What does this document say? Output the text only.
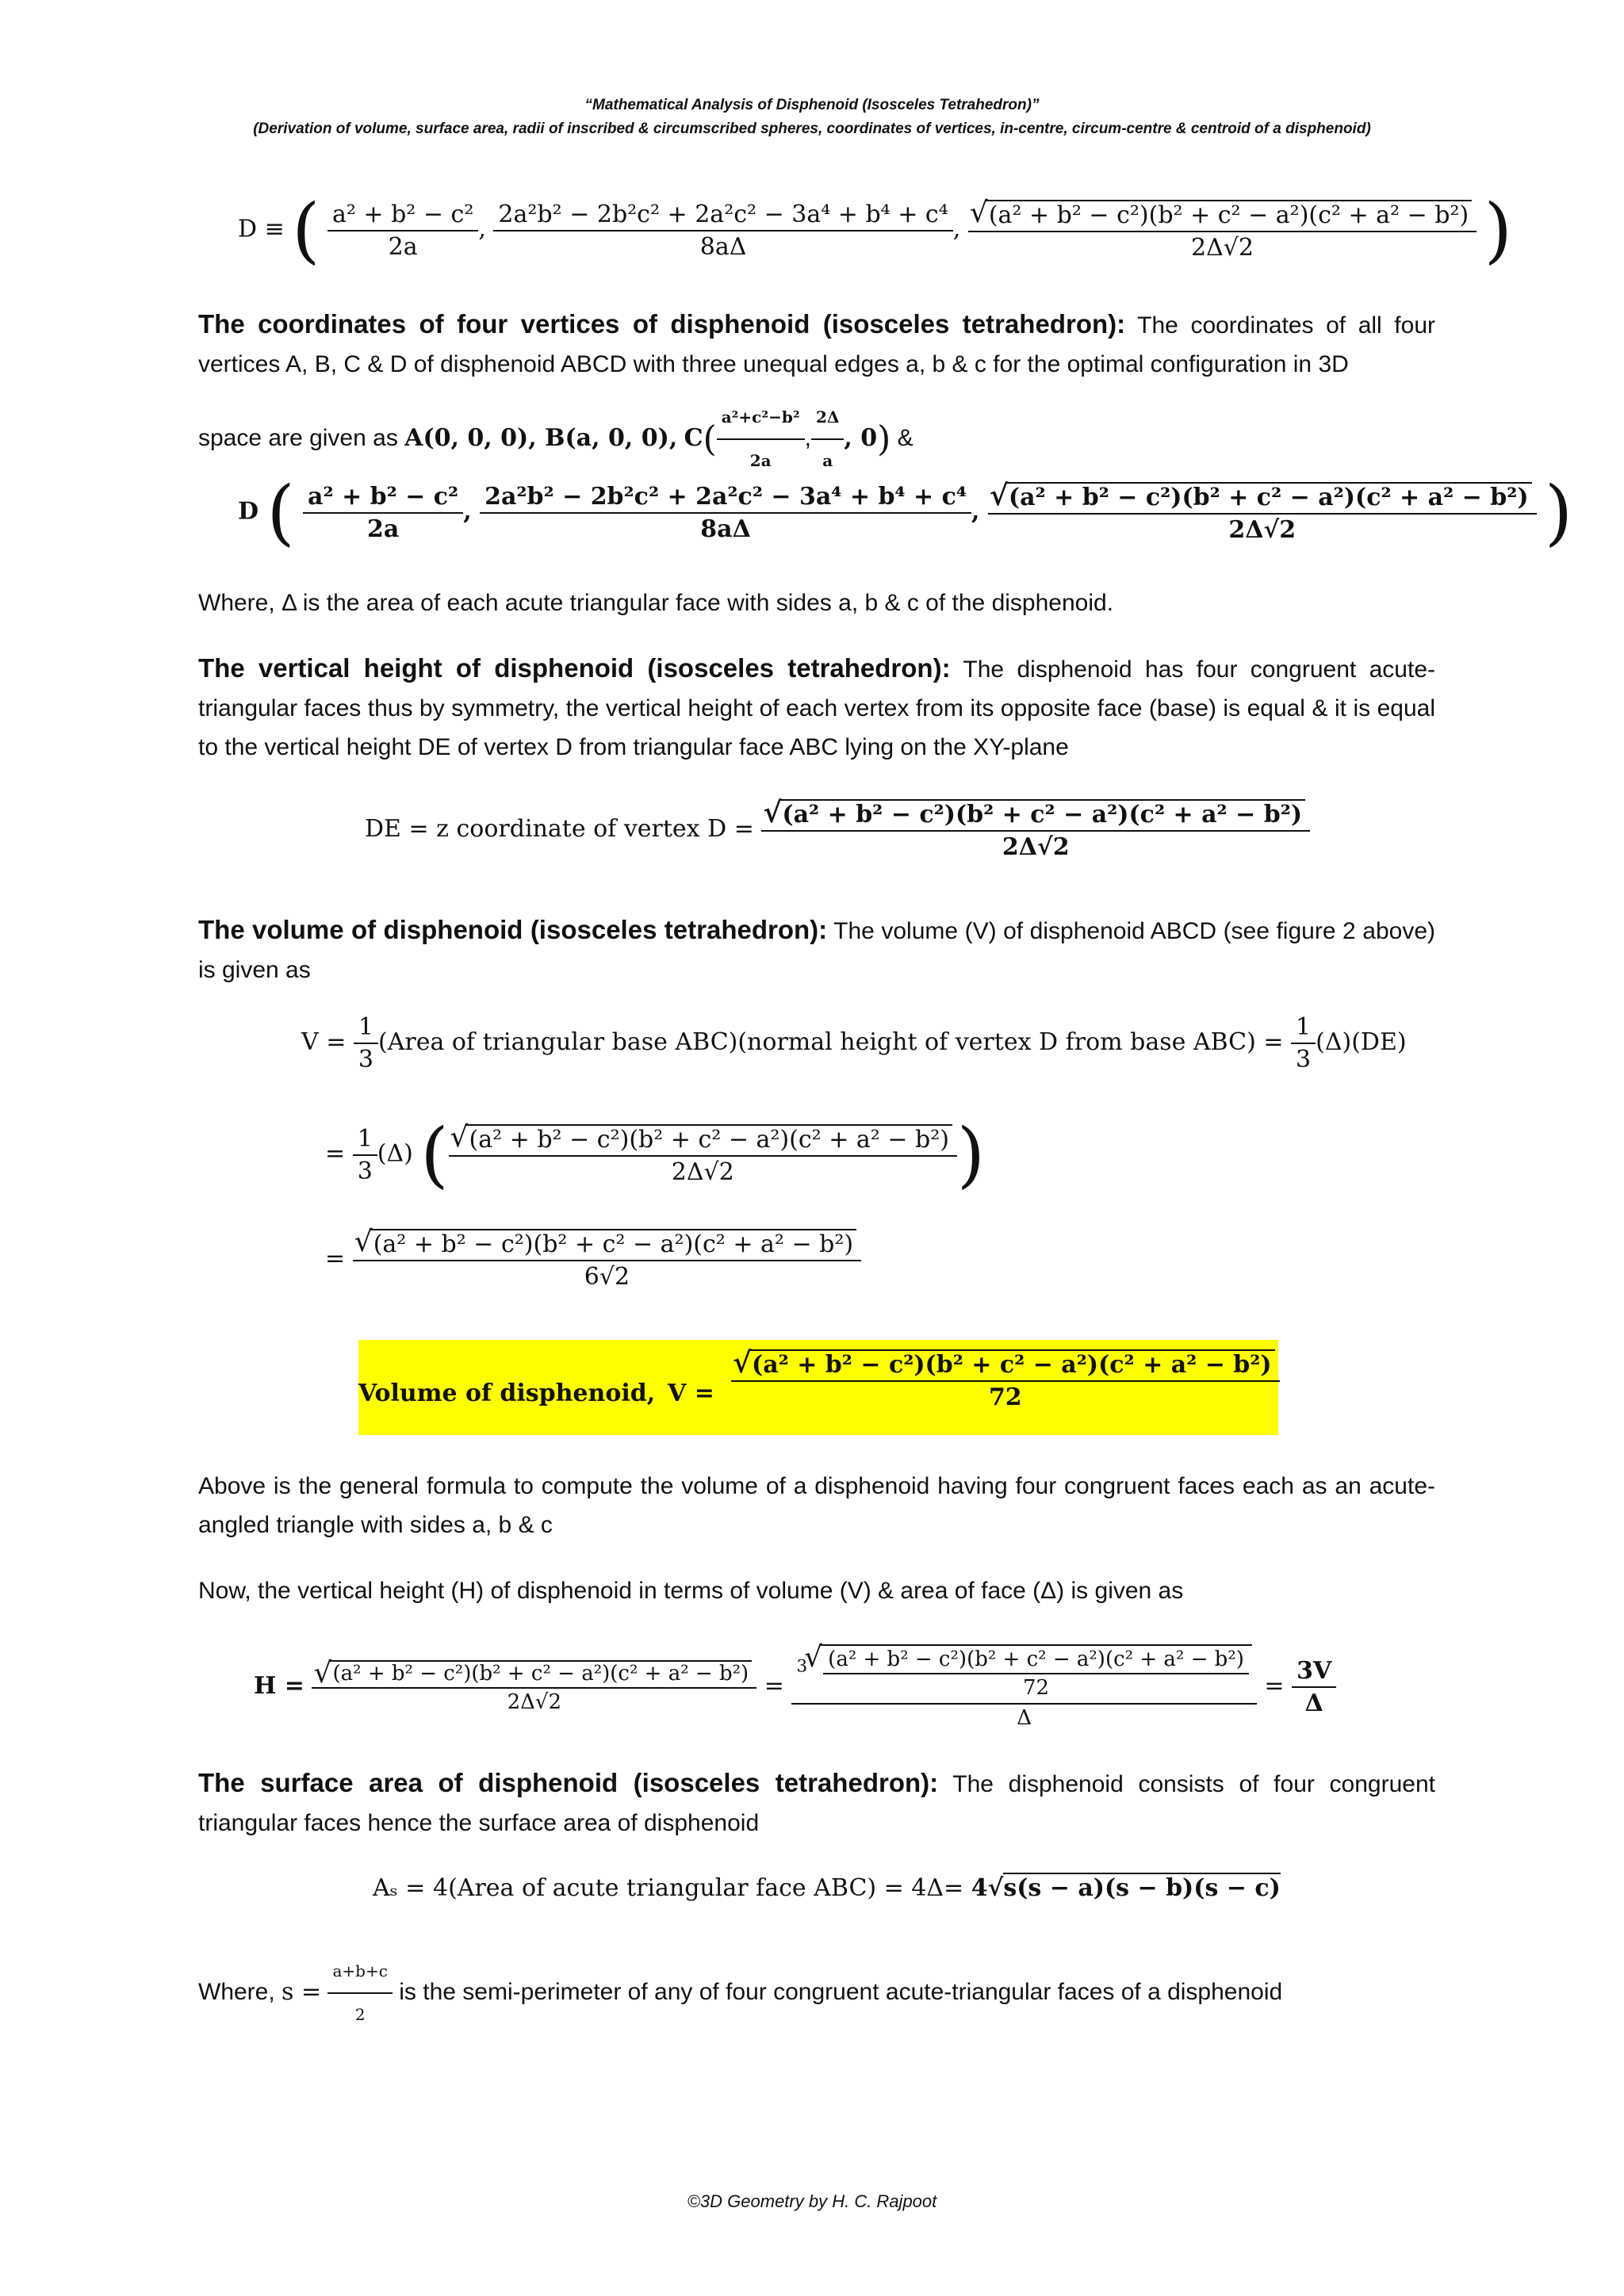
“Mathematical Analysis of Disphenoid (Isosceles Tetrahedron)”
(Derivation of volume, surface area, radii of inscribed & circumscribed spheres, coordinates of vertices, in-centre, circum-centre & centroid of a disphenoid)
D ≡ ( $\frac{\text{a² + b² − c²}}{2a}$ , $\frac{\text{2a²b² − 2b²c² + 2a²c² − 3a⁴ + b⁴ + c⁴}}{8a\Delta}$ ,
√ $\frac{\text{(a² + b² − c²)(b² + c² − a²)(c² + a² − b²)}}{2\Delta√2}$ )
The coordinates of four vertices of disphenoid (isosceles tetrahedron): The coordinates of all four vertices A, B, C & D of disphenoid ABCD with three unequal edges a, b & c for the optimal configuration in 3D
space are given as A(0, 0, 0), B(a, 0, 0), $C( \frac{\text{a²+c²−b²}}{2a}$ , $\frac{2\Delta}{a}$ , 0) &
D ( $\frac{\text{a² + b² − c²}}{2a}$ , $\frac{\text{2a²b² − 2b²c² + 2a²c² − 3a⁴ + b⁴ + c⁴}}{8a\Delta}$ ,
√ $\frac{\text{(a² + b² − c²)(b² + c² − a²)(c² + a² − b²)}}{2\Delta√2}$ )
Where, Δ is the area of each acute triangular face with sides a, b & c of the disphenoid.
The vertical height of disphenoid (isosceles tetrahedron): The disphenoid has four congruent acute-triangular faces thus by symmetry, the vertical height of each vertex from its opposite face (base) is equal & it is equal to the vertical height DE of vertex D from triangular face ABC lying on the XY-plane
DE = z coordinate of vertex D =
√ $\frac{\text{(a² + b² − c²)(b² + c² − a²)(c² + a² − b²)}}{2\Delta√2}$
The volume of disphenoid (isosceles tetrahedron): The volume (V) of disphenoid ABCD (see figure 2 above) is given as
$V = \frac{1}{3}$ (Area of triangular base ABC)(normal height of vertex D from base $ABC) = \frac{1}{3} (\Delta)(DE)$
= $\frac{1}{3} (\Delta)$ (
√ $\frac{\text{(a² + b² − c²)(b² + c² − a²)(c² + a² − b²)}}{2\Delta√2}$ )
=
√ $\frac{\text{(a² + b² − c²)(b² + c² − a²)(c² + a² − b²)}}{6√2}$
Volume of disphenoid, V =
√ $\frac{\text{(a² + b² − c²)(b² + c² − a²)(c² + a² − b²)}}{72}$
Above is the general formula to compute the volume of a disphenoid having four congruent faces each as an acute-angled triangle with sides a, b & c
Now, the vertical height (H) of disphenoid in terms of volume (V) & area of face (Δ) is given as
H =
√ $\frac{\text{(a² + b² − c²)(b² + c² − a²)(c² + a² − b²)}}{2\Delta√2} = ^3$
√ $\frac{\text{(a² + b² − c²)(b² + c² − a²)(c² + a² − b²)}}{72}$
$\Delta = \frac{3V}{\Delta}$
The surface area of disphenoid (isosceles tetrahedron): The disphenoid consists of four congruent triangular faces hence the surface area of disphenoid
Aₛ = 4(Area of acute triangular face ABC) = 4Δ= 4√s(s − a)(s − b)(s − c)
Where, $s = \frac{a+b+c}{2}$ is the semi-perimeter of any of four congruent acute-triangular faces of a disphenoid
©3D Geometry by H. C. Rajpoot
